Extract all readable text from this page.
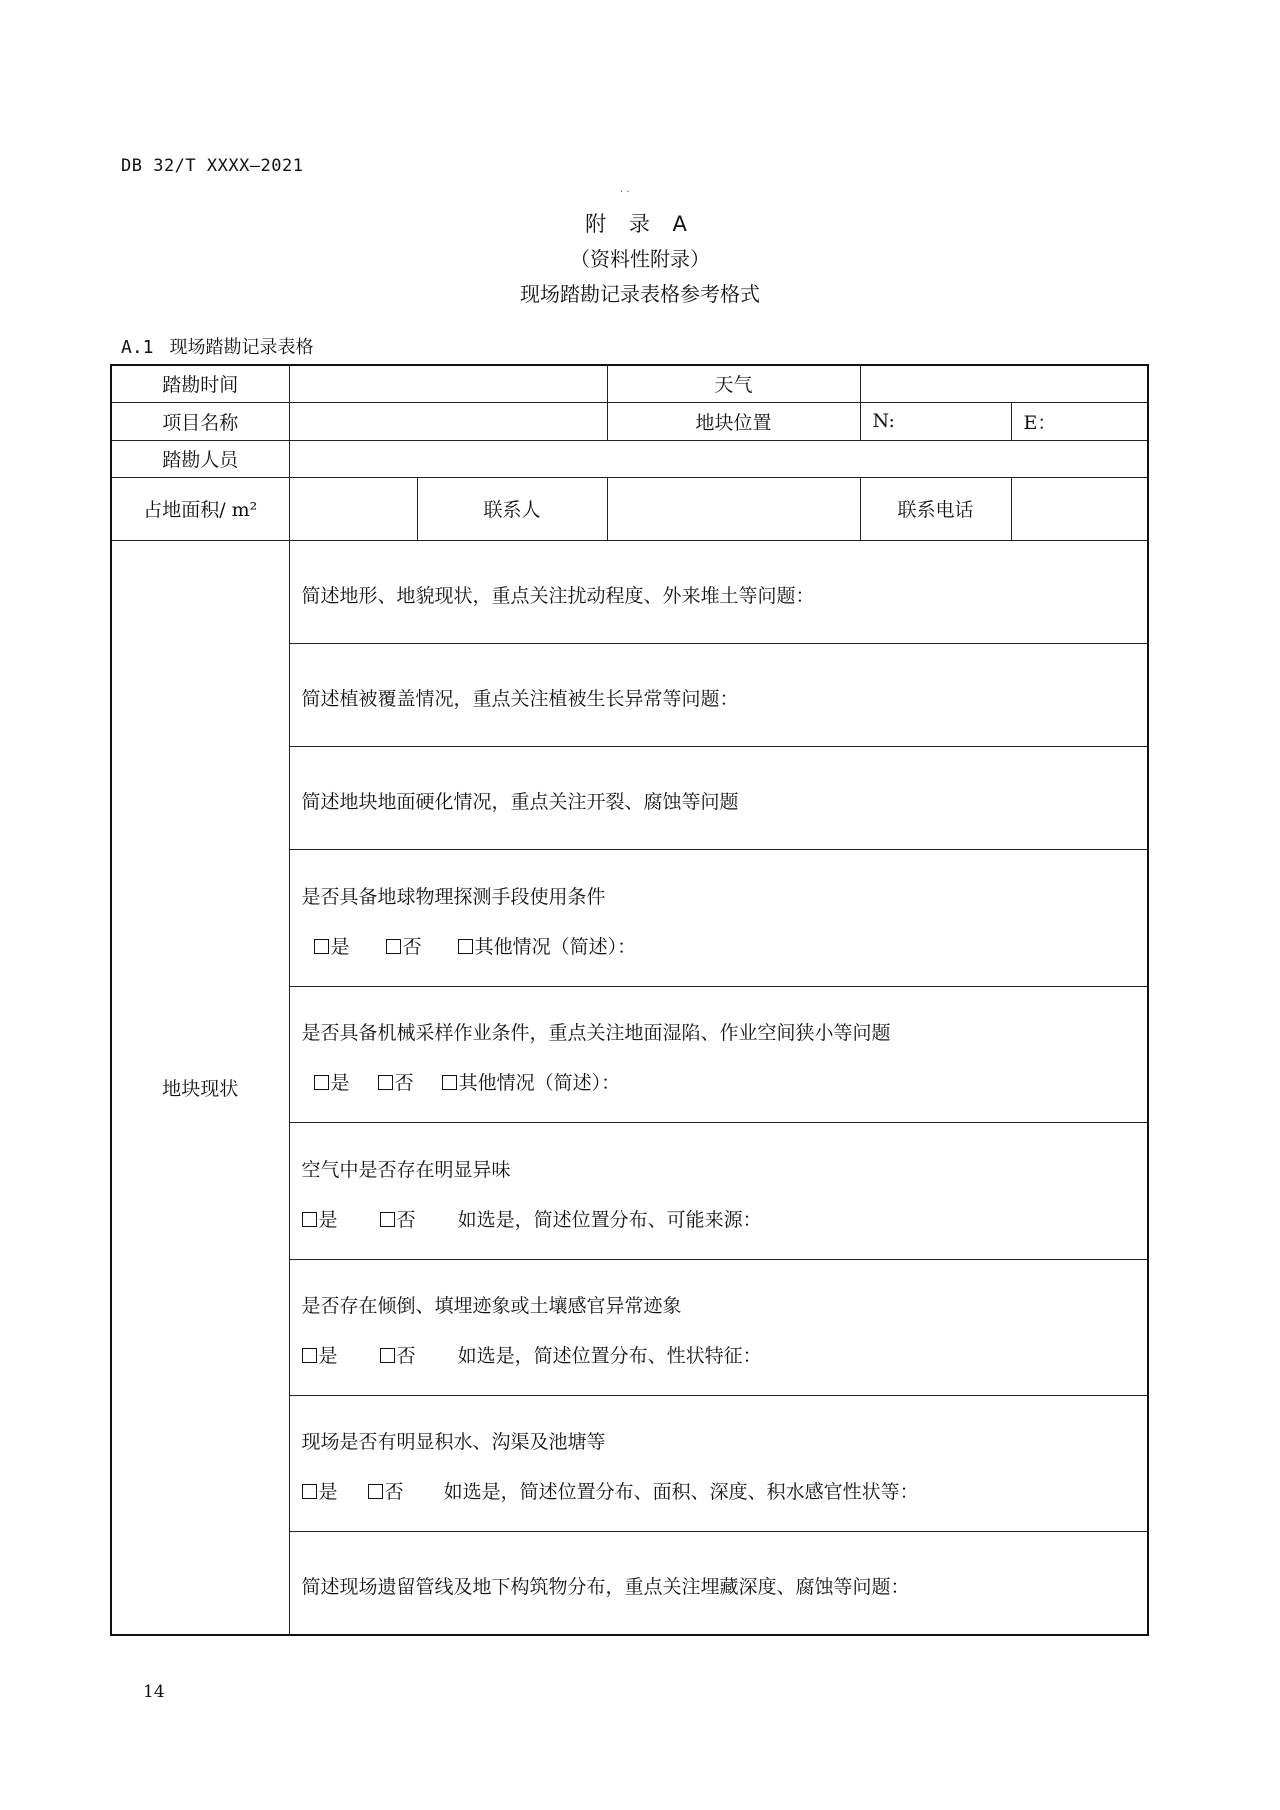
DB 32/T XXXX—2021
. .
附 录 A
（资料性附录）
现场踏勘记录表格参考格式
A.1 现场踏勘记录表格
踏勘时间			天气		
项目名称			地块位置	N:	E：
踏勘人员					
占地面积/ m²		联系人		联系电话	
地块现状	简述地形、地貌现状，重点关注扰动程度、外来堆土等问题：				

	简述植被覆盖情况，重点关注植被生长异常等问题：				

	简述地块地面硬化情况，重点关注开裂、腐蚀等问题				

	是否具备地球物理探测手段使用条件
是 否 其他情况（简述）：				

	是否具备机械采样作业条件，重点关注地面湿陷、作业空间狭小等问题
是 否 其他情况（简述）：				

	空气中是否存在明显异味
是 否 如选是，简述位置分布、可能来源：				

	是否存在倾倒、填埋迹象或土壤感官异常迹象
是 否 如选是，简述位置分布、性状特征：				

	现场是否有明显积水、沟渠及池塘等
是 否 如选是，简述位置分布、面积、深度、积水感官性状等：				

	简述现场遗留管线及地下构筑物分布，重点关注埋藏深度、腐蚀等问题：				
14
